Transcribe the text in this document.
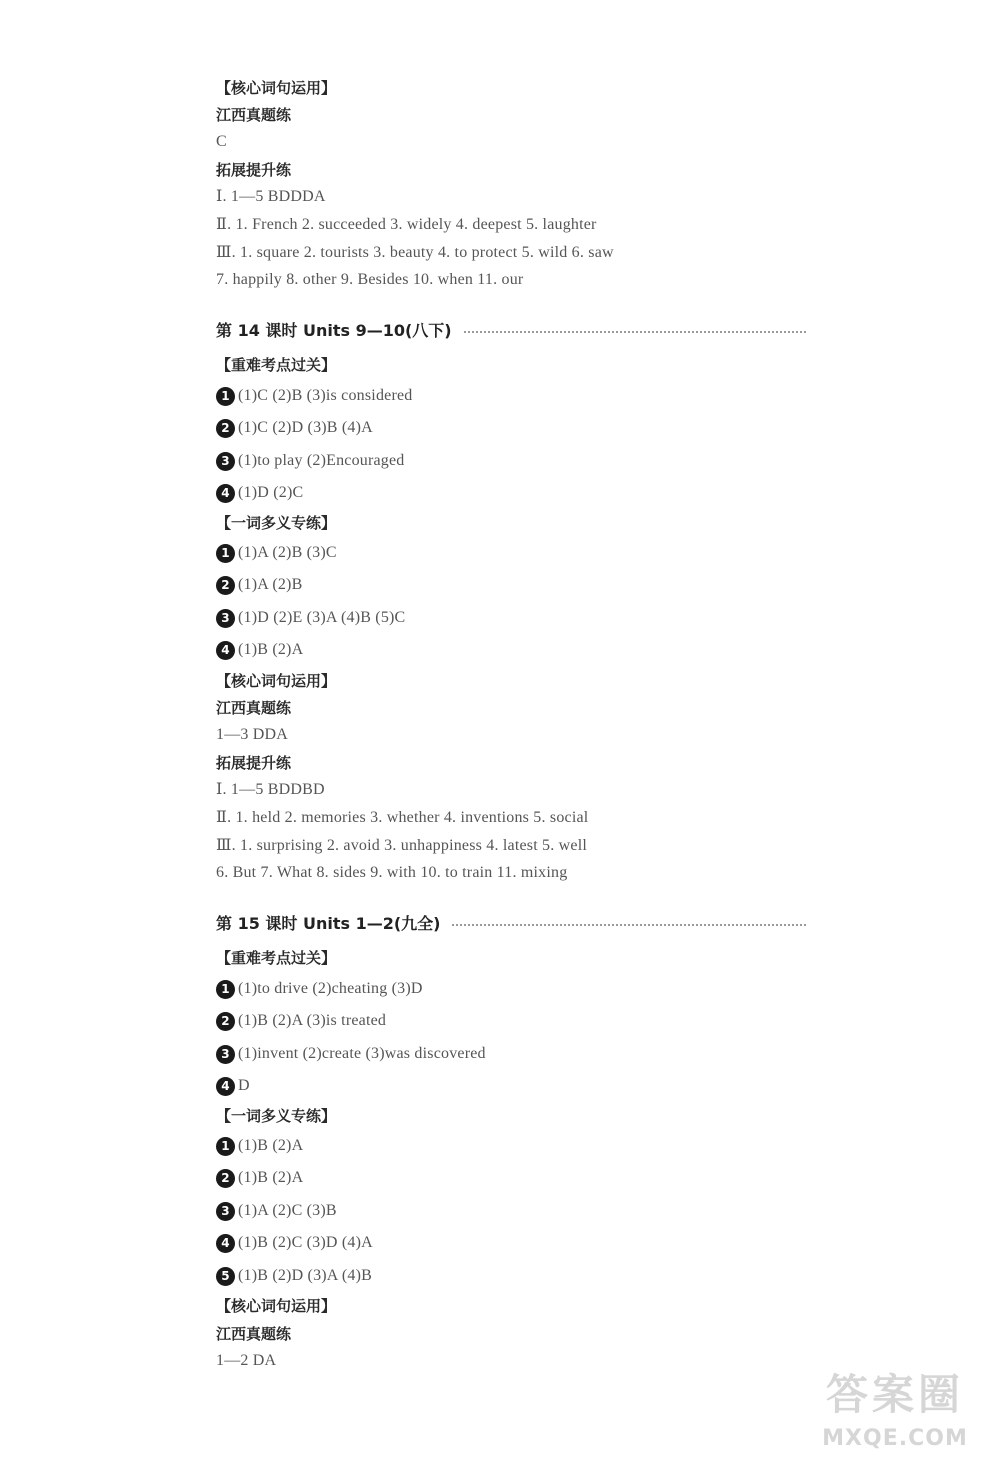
【核心词句运用】
江西真题练
C
拓展提升练
Ⅰ. 1—5 BDDDA
Ⅱ. 1. French 2. succeeded 3. widely 4. deepest 5. laughter
Ⅲ. 1. square 2. tourists 3. beauty 4. to protect 5. wild 6. saw
7. happily 8. other 9. Besides 10. when 11. our
第 14 课时 Units 9—10(八下)
【重难考点过关】
1 (1)C (2)B (3)is considered
2 (1)C (2)D (3)B (4)A
3 (1)to play (2)Encouraged
4 (1)D (2)C
【一词多义专练】
1 (1)A (2)B (3)C
2 (1)A (2)B
3 (1)D (2)E (3)A (4)B (5)C
4 (1)B (2)A
【核心词句运用】
江西真题练
1—3 DDA
拓展提升练
Ⅰ. 1—5 BDDBD
Ⅱ. 1. held 2. memories 3. whether 4. inventions 5. social
Ⅲ. 1. surprising 2. avoid 3. unhappiness 4. latest 5. well
6. But 7. What 8. sides 9. with 10. to train 11. mixing
第 15 课时 Units 1—2(九全)
【重难考点过关】
1 (1)to drive (2)cheating (3)D
2 (1)B (2)A (3)is treated
3 (1)invent (2)create (3)was discovered
4 D
【一词多义专练】
1 (1)B (2)A
2 (1)B (2)A
3 (1)A (2)C (3)B
4 (1)B (2)C (3)D (4)A
5 (1)B (2)D (3)A (4)B
【核心词句运用】
江西真题练
1—2 DA
答案圈
MXQE.COM
